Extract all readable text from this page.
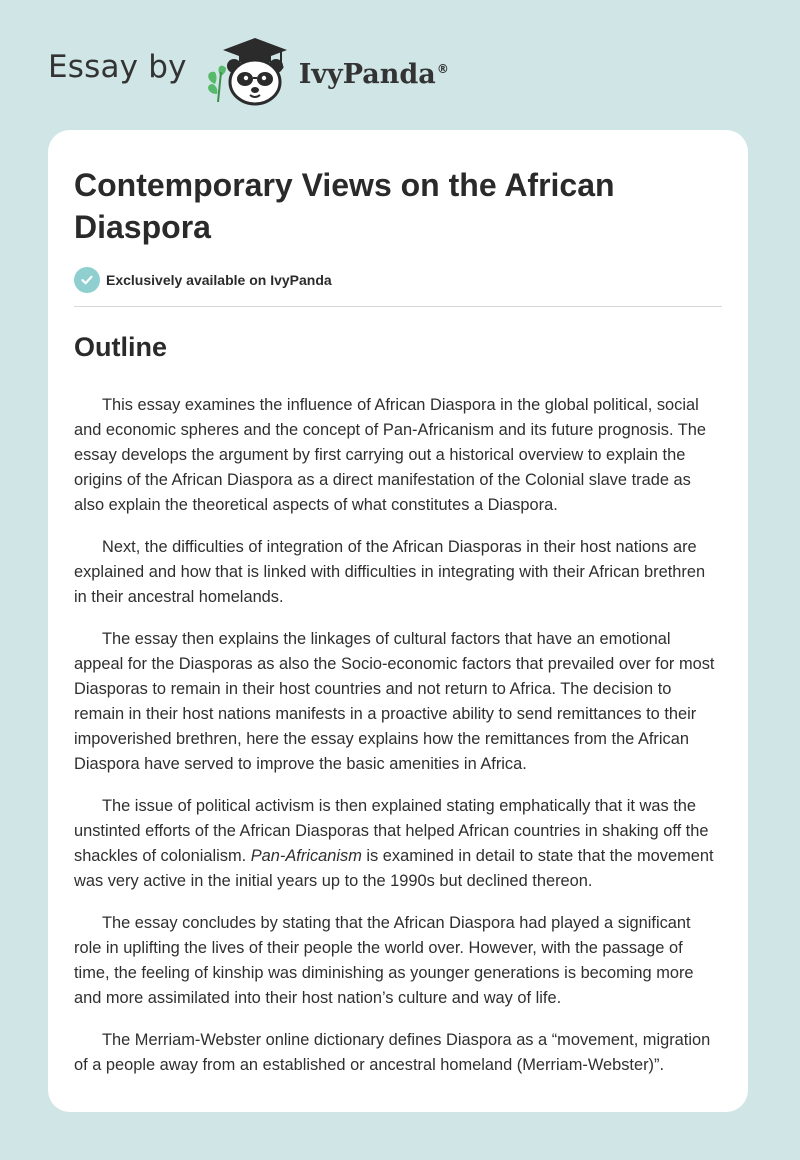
Essay by	IvyPanda®
Contemporary Views on the African Diaspora
Exclusively available on IvyPanda
Outline

This essay examines the influence of African Diaspora in the global political, social and economic spheres and the concept of Pan-Africanism and its future prognosis. The essay develops the argument by first carrying out a historical overview to explain the origins of the African Diaspora as a direct manifestation of the Colonial slave trade as also explain the theoretical aspects of what constitutes a Diaspora.

Next, the difficulties of integration of the African Diasporas in their host nations are explained and how that is linked with difficulties in integrating with their African brethren in their ancestral homelands.

The essay then explains the linkages of cultural factors that have an emotional appeal for the Diasporas as also the Socio-economic factors that prevailed over for most Diasporas to remain in their host countries and not return to Africa. The decision to remain in their host nations manifests in a proactive ability to send remittances to their impoverished brethren, here the essay explains how the remittances from the African Diaspora have served to improve the basic amenities in Africa.

The issue of political activism is then explained stating emphatically that it was the unstinted efforts of the African Diasporas that helped African countries in shaking off the shackles of colonialism. Pan-Africanism is examined in detail to state that the movement was very active in the initial years up to the 1990s but declined thereon.

The essay concludes by stating that the African Diaspora had played a significant role in uplifting the lives of their people the world over. However, with the passage of time, the feeling of kinship was diminishing as younger generations is becoming more and more assimilated into their host nation’s culture and way of life.

The Merriam-Webster online dictionary defines Diaspora as a “movement, migration of a people away from an established or ancestral homeland (Merriam-Webster)”.
